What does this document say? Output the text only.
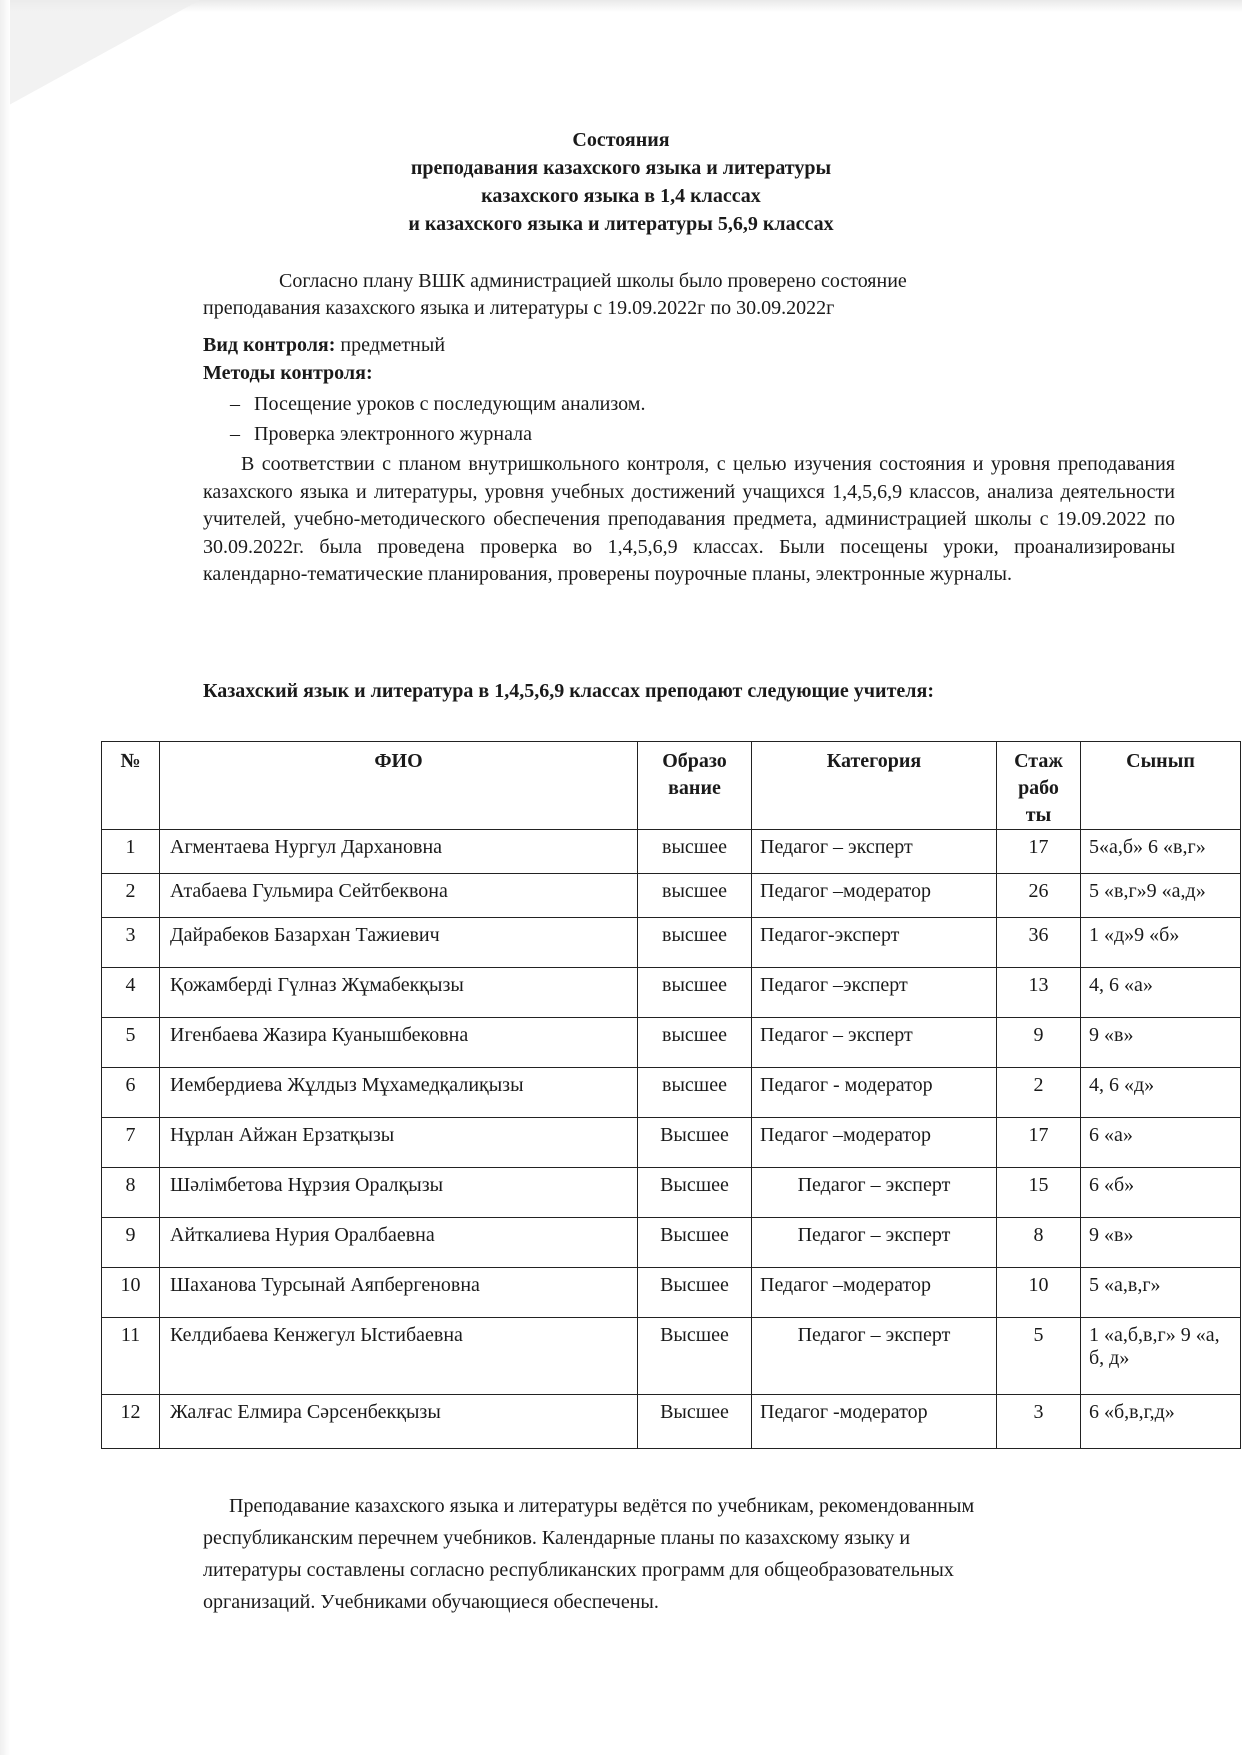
Состояния
преподавания казахского языка и литературы
казахского языка в 1,4 классах
и казахского языка и литературы 5,6,9 классах
Согласно плану ВШК администрацией школы было проверено состояние
преподавания казахского языка и литературы с 19.09.2022г по 30.09.2022г
Вид контроля: предметный
Методы контроля:
– Посещение уроков с последующим анализом.
– Проверка электронного журнала
В соответствии с планом внутришкольного контроля, с целью изучения состояния и уровня преподавания казахского языка и литературы, уровня учебных достижений учащихся 1,4,5,6,9 классов, анализа деятельности учителей, учебно-методического обеспечения преподавания предмета, администрацией школы с 19.09.2022 по 30.09.2022г. была проведена проверка во 1,4,5,6,9 классах. Были посещены уроки, проанализированы календарно-тематические планирования, проверены поурочные планы, электронные журналы.
Казахский язык и литература в 1,4,5,6,9 классах преподают следующие учителя:
№	ФИО	Образо вание	Категория	Стаж рабо ты	Сынып
1	Агментаева Нургул Дархановна	высшее	Педагог – эксперт	17	5«а,б» 6 «в,г»
2	Атабаева Гульмира Сейтбеквона	высшее	Педагог –модератор	26	5 «в,г»9 «а,д»
3	Дайрабеков Базархан Тажиевич	высшее	Педагог-эксперт	36	1 «д»9 «б»
4	Қожамберді Гүлназ Жұмабекқызы	высшее	Педагог –эксперт	13	4, 6 «а»
5	Игенбаева Жазира Куанышбековна	высшее	Педагог – эксперт	9	9 «в»
6	Иембердиева Жұлдыз Мұхамедқалиқызы	высшее	Педагог - модератор	2	4, 6 «д»
7	Нұрлан Айжан Ерзатқызы	Высшее	Педагог –модератор	17	6 «а»
8	Шәлімбетова Нұрзия Оралқызы	Высшее	Педагог – эксперт	15	6 «б»
9	Айткалиева Нурия Оралбаевна	Высшее	Педагог – эксперт	8	9 «в»
10	Шаханова Турсынай Аяпбергеновна	Высшее	Педагог –модератор	10	5 «а,в,г»
11	Келдибаева Кенжегул Ыстибаевна	Высшее	Педагог – эксперт	5	1 «а,б,в,г» 9 «а, б, д»
12	Жалғас Елмира Сәрсенбекқызы	Высшее	Педагог -модератор	3	6 «б,в,г,д»
Преподавание казахского языка и литературы ведётся по учебникам, рекомендованным
республиканским перечнем учебников. Календарные планы по казахскому языку и
литературы составлены согласно республиканских программ для общеобразовательных
организаций. Учебниками обучающиеся обеспечены.
